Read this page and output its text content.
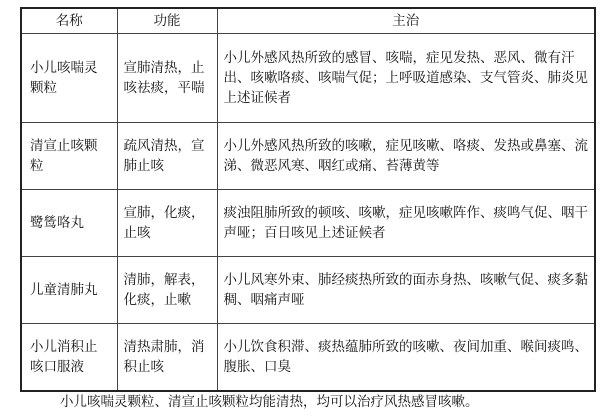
名称	功能	主治
小儿咳喘灵颗粒	宣肺清热，止咳祛痰，平喘	小儿外感风热所致的感冒、咳喘，症见发热、恶风、微有汗出、咳嗽咯痰、咳喘气促；上呼吸道感染、支气管炎、肺炎见上述证候者
清宣止咳颗粒	疏风清热，宣肺止咳	小儿外感风热所致的咳嗽，症见咳嗽、咯痰、发热或鼻塞、流涕、微恶风寒、咽红或痛、苔薄黄等
鹭鸶咯丸	宣肺，化痰，止咳	痰浊阻肺所致的顿咳、咳嗽，症见咳嗽阵作、痰鸣气促、咽干声哑；百日咳见上述证候者
儿童清肺丸	清肺，解表，化痰，止嗽	小儿风寒外束、肺经痰热所致的面赤身热、咳嗽气促、痰多黏稠、咽痛声哑
小儿消积止咳口服液	清热肃肺，消积止咳	小儿饮食积滞、痰热蕴肺所致的咳嗽、夜间加重、喉间痰鸣、腹胀、口臭
小儿咳喘灵颗粒、清宣止咳颗粒均能清热，均可以治疗风热感冒咳嗽。
